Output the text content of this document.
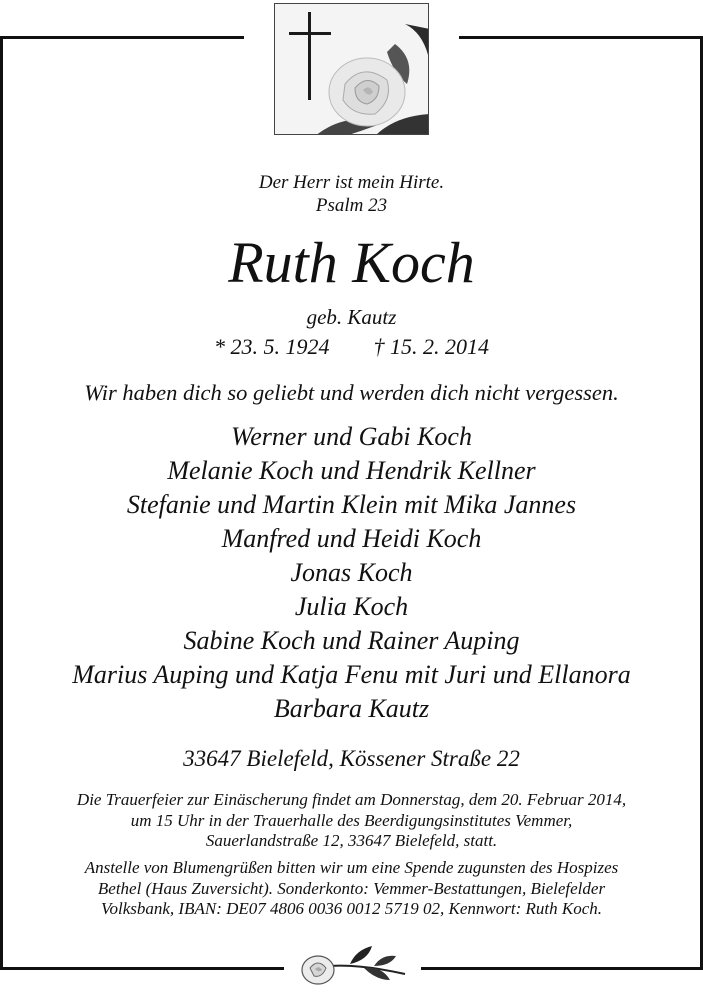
Der Herr ist mein Hirte.
Psalm 23
Ruth Koch
geb. Kautz
* 23. 5. 1924 † 15. 2. 2014
Wir haben dich so geliebt und werden dich nicht vergessen.
Werner und Gabi Koch
Melanie Koch und Hendrik Kellner
Stefanie und Martin Klein mit Mika Jannes
Manfred und Heidi Koch
Jonas Koch
Julia Koch
Sabine Koch und Rainer Auping
Marius Auping und Katja Fenu mit Juri und Ellanora
Barbara Kautz
33647 Bielefeld, Kössener Straße 22
Die Trauerfeier zur Einäscherung findet am Donnerstag, dem 20. Februar 2014,
um 15 Uhr in der Trauerhalle des Beerdigungsinstitutes Vemmer,
Sauerlandstraße 12, 33647 Bielefeld, statt.
Anstelle von Blumengrüßen bitten wir um eine Spende zugunsten des Hospizes
Bethel (Haus Zuversicht). Sonderkonto: Vemmer-Bestattungen, Bielefelder
Volksbank, IBAN: DE07 4806 0036 0012 5719 02, Kennwort: Ruth Koch.
